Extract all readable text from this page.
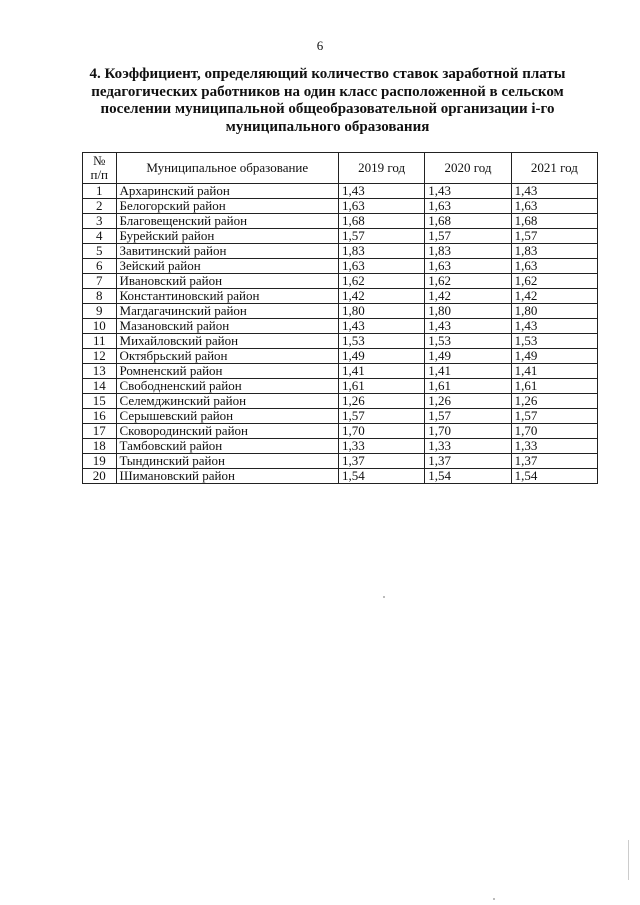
6
4. Коэффициент, определяющий количество ставок заработной платы
педагогических работников на один класс расположенной в сельском
поселении муниципальной общеобразовательной организации i-го
муниципального образования
№
п/п	Муниципальное образование	2019 год	2020 год	2021 год
1	Архаринский район	1,43	1,43	1,43
2	Белогорский район	1,63	1,63	1,63
3	Благовещенский район	1,68	1,68	1,68
4	Бурейский район	1,57	1,57	1,57
5	Завитинский район	1,83	1,83	1,83
6	Зейский район	1,63	1,63	1,63
7	Ивановский район	1,62	1,62	1,62
8	Константиновский район	1,42	1,42	1,42
9	Магдагачинский район	1,80	1,80	1,80
10	Мазановский район	1,43	1,43	1,43
11	Михайловский район	1,53	1,53	1,53
12	Октябрьский район	1,49	1,49	1,49
13	Ромненский район	1,41	1,41	1,41
14	Свободненский район	1,61	1,61	1,61
15	Селемджинский район	1,26	1,26	1,26
16	Серышевский район	1,57	1,57	1,57
17	Сковородинский район	1,70	1,70	1,70
18	Тамбовский район	1,33	1,33	1,33
19	Тындинский район	1,37	1,37	1,37
20	Шимановский район	1,54	1,54	1,54
